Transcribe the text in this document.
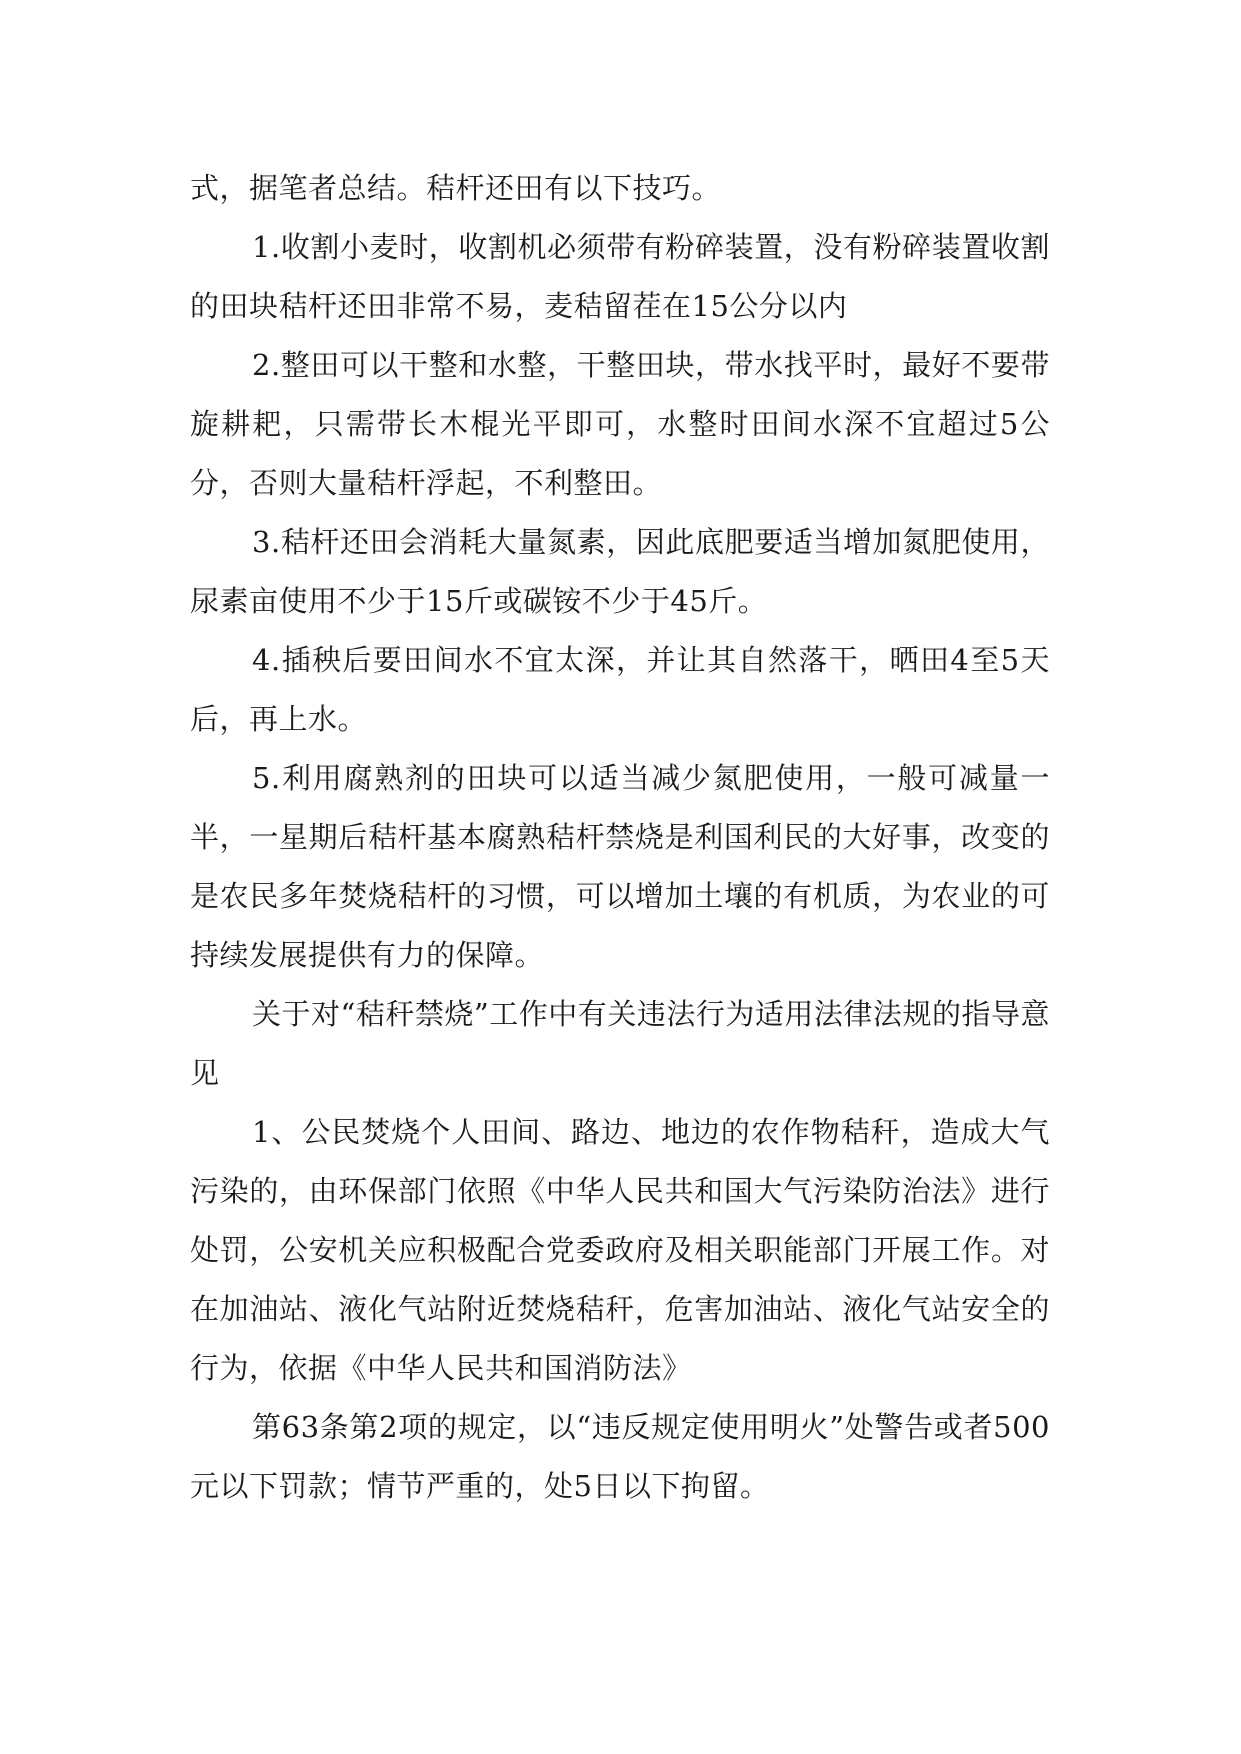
式，据笔者总结。秸杆还田有以下技巧。

1.收割小麦时，收割机必须带有粉碎装置，没有粉碎装置收割的田块秸杆还田非常不易，麦秸留茬在15公分以内

2.整田可以干整和水整，干整田块，带水找平时，最好不要带旋耕耙，只需带长木棍光平即可，水整时田间水深不宜超过5公分，否则大量秸杆浮起，不利整田。

3.秸杆还田会消耗大量氮素，因此底肥要适当增加氮肥使用，尿素亩使用不少于15斤或碳铵不少于45斤。

4.插秧后要田间水不宜太深，并让其自然落干，晒田4至5天后，再上水。

5.利用腐熟剂的田块可以适当减少氮肥使用，一般可减量一半，一星期后秸杆基本腐熟秸杆禁烧是利国利民的大好事，改变的是农民多年焚烧秸杆的习惯，可以增加土壤的有机质，为农业的可持续发展提供有力的保障。

关于对“秸秆禁烧”工作中有关违法行为适用法律法规的指导意见

1、公民焚烧个人田间、路边、地边的农作物秸秆，造成大气污染的，由环保部门依照《中华人民共和国大气污染防治法》进行处罚，公安机关应积极配合党委政府及相关职能部门开展工作。对在加油站、液化气站附近焚烧秸秆，危害加油站、液化气站安全的行为，依据《中华人民共和国消防法》

第63条第2项的规定，以“违反规定使用明火”处警告或者500元以下罚款；情节严重的，处5日以下拘留。
